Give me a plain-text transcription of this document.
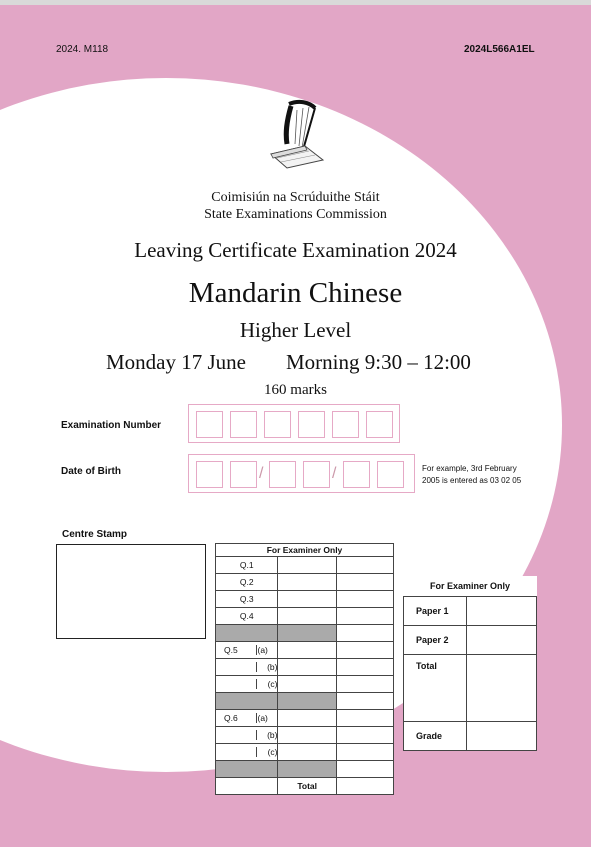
2024. M118	2024L566A1EL
Coimisiún na Scrúduithe Stáit
State Examinations Commission
Leaving Certificate Examination 2024
Mandarin Chinese
Higher Level
Monday 17 June Morning 9:30 – 12:00
160 marks
Examination Number
Date of Birth	/	/	For example, 3rd February
2005 is entered as 03 02 05
Centre Stamp
For Examiner Only		
Q.1		
Q.2		
Q.3		
Q.4		

Q.5 (a)		

(b)		
(c)		

Q.6 (a)		

(b)		
(c)		

	Total	
For Examiner Only	
Paper 1	
Paper 2	
Total	
Grade	
